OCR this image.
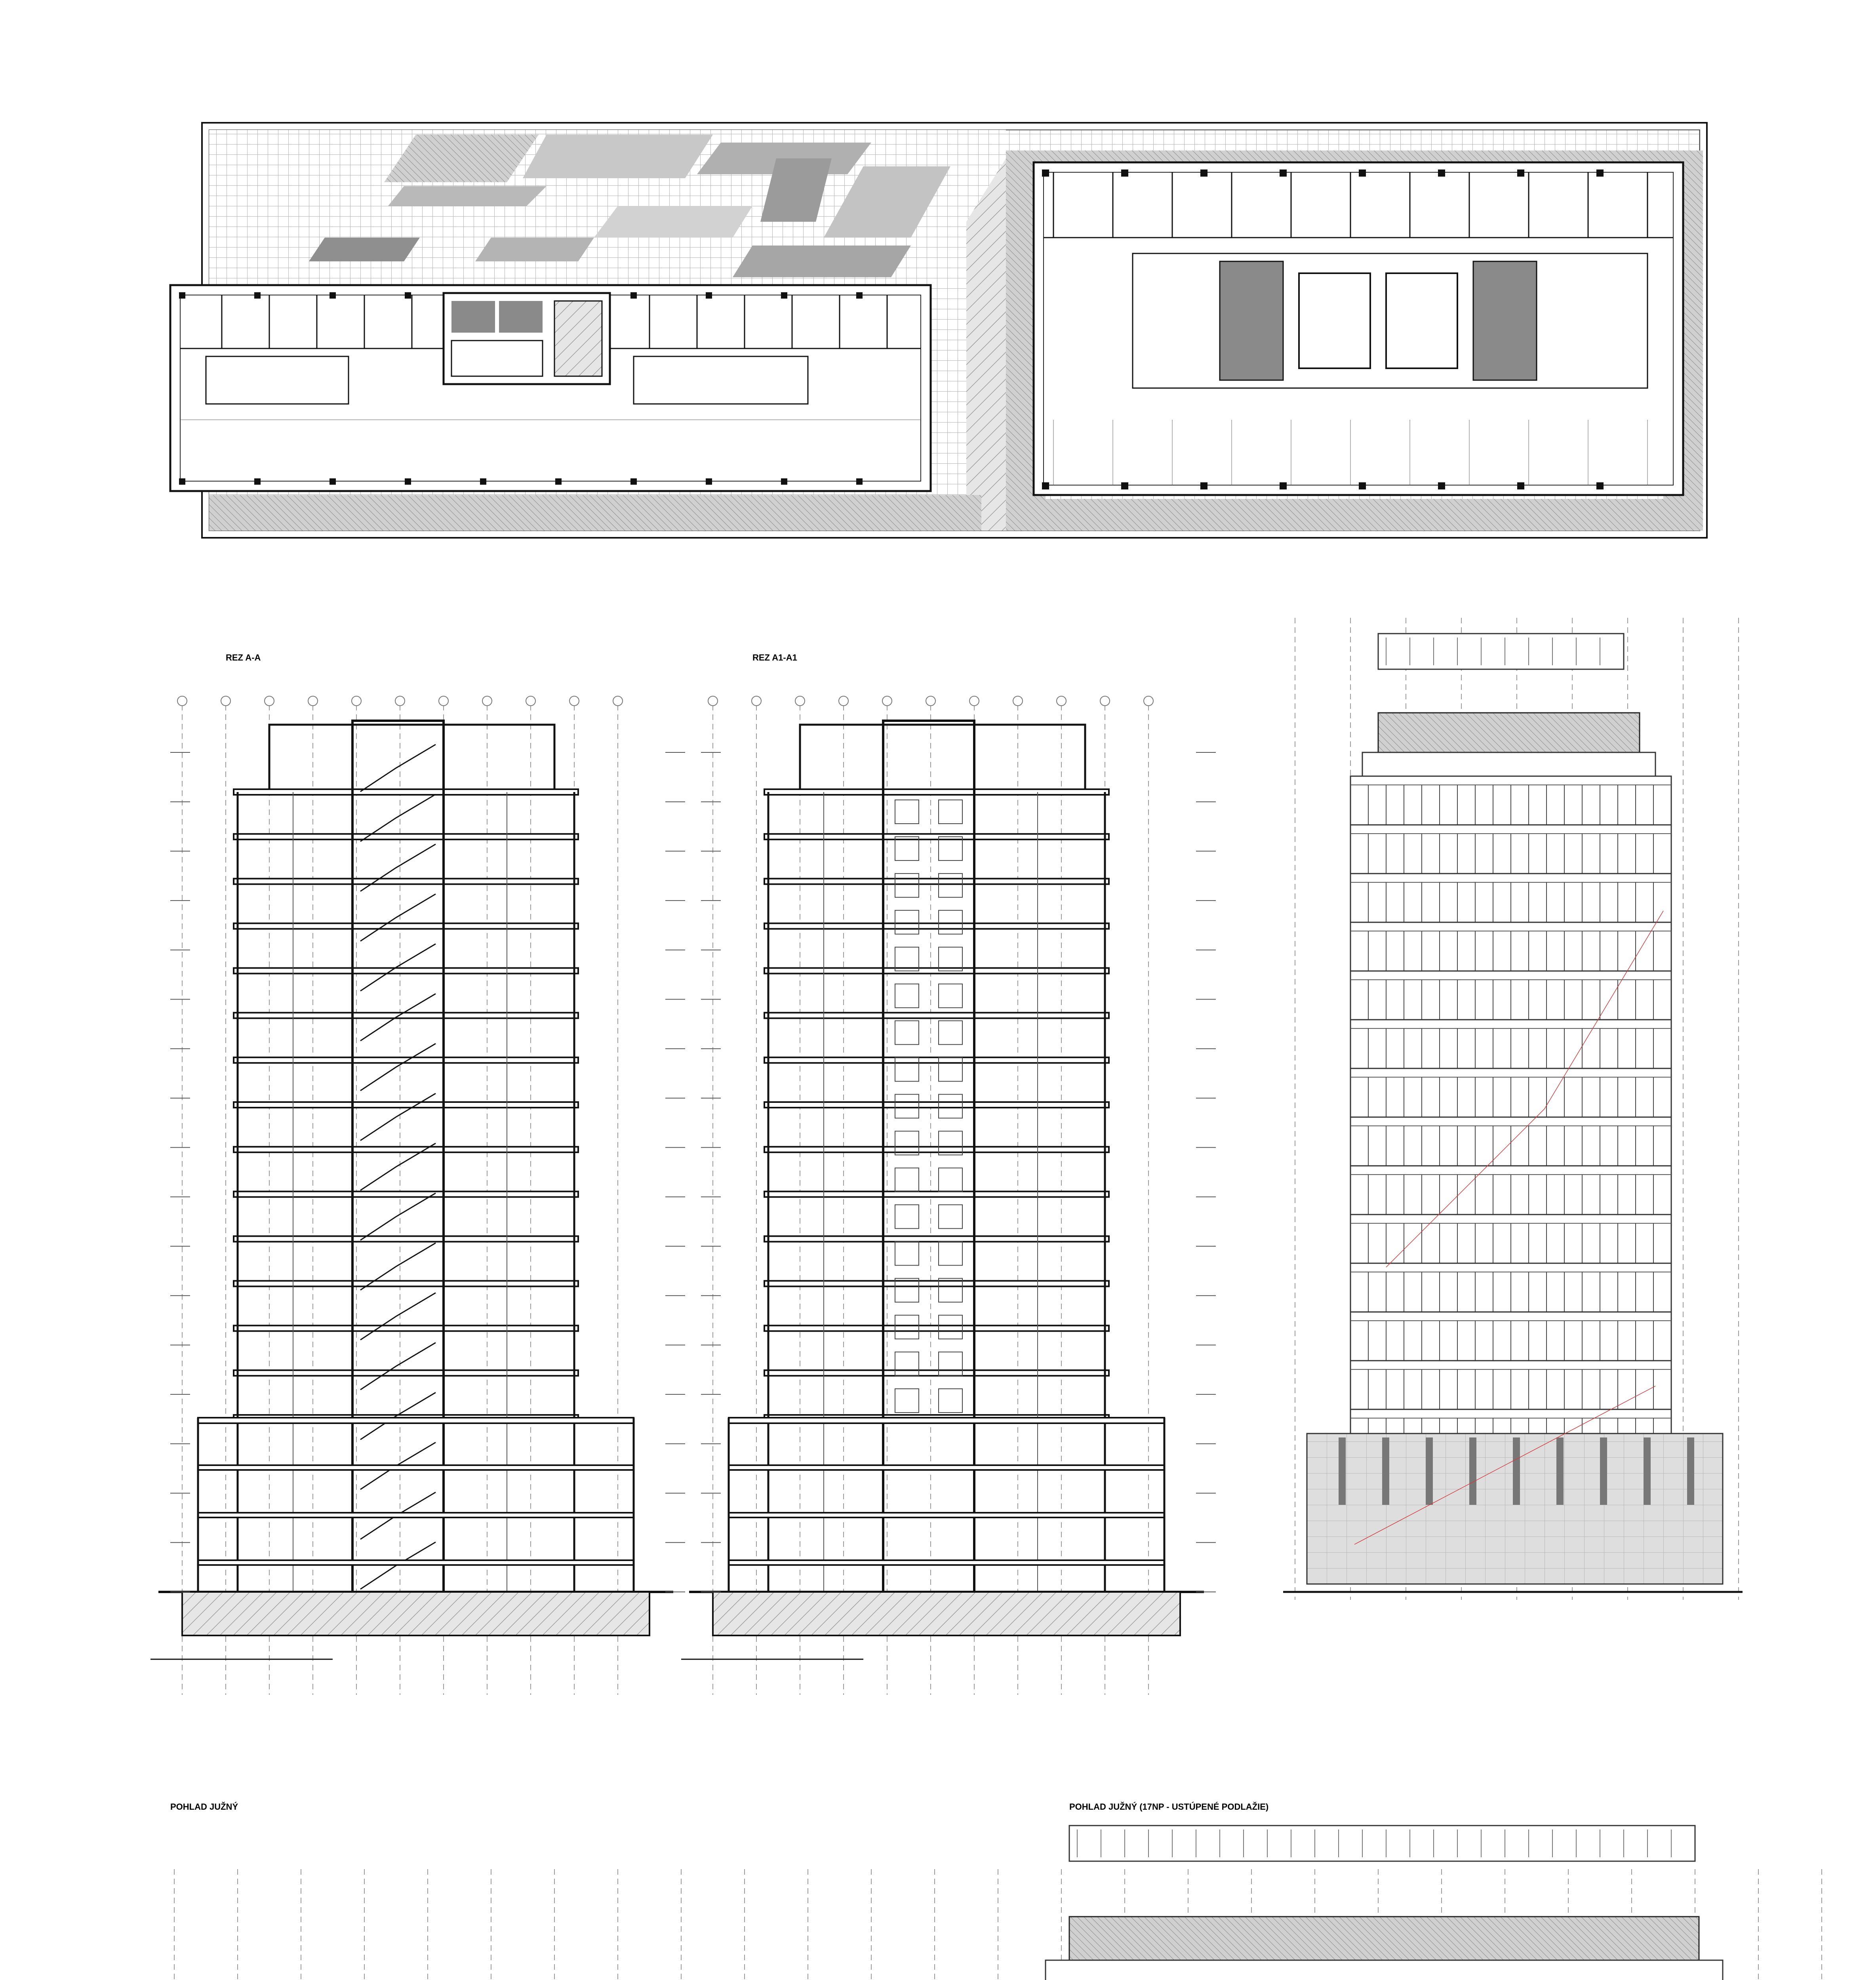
REZ A-A	REZ A1-A1
POHLAD JUŽNÝ	POHLAD JUŽNÝ (17NP - USTÚPENÉ PODLAŽIE)
